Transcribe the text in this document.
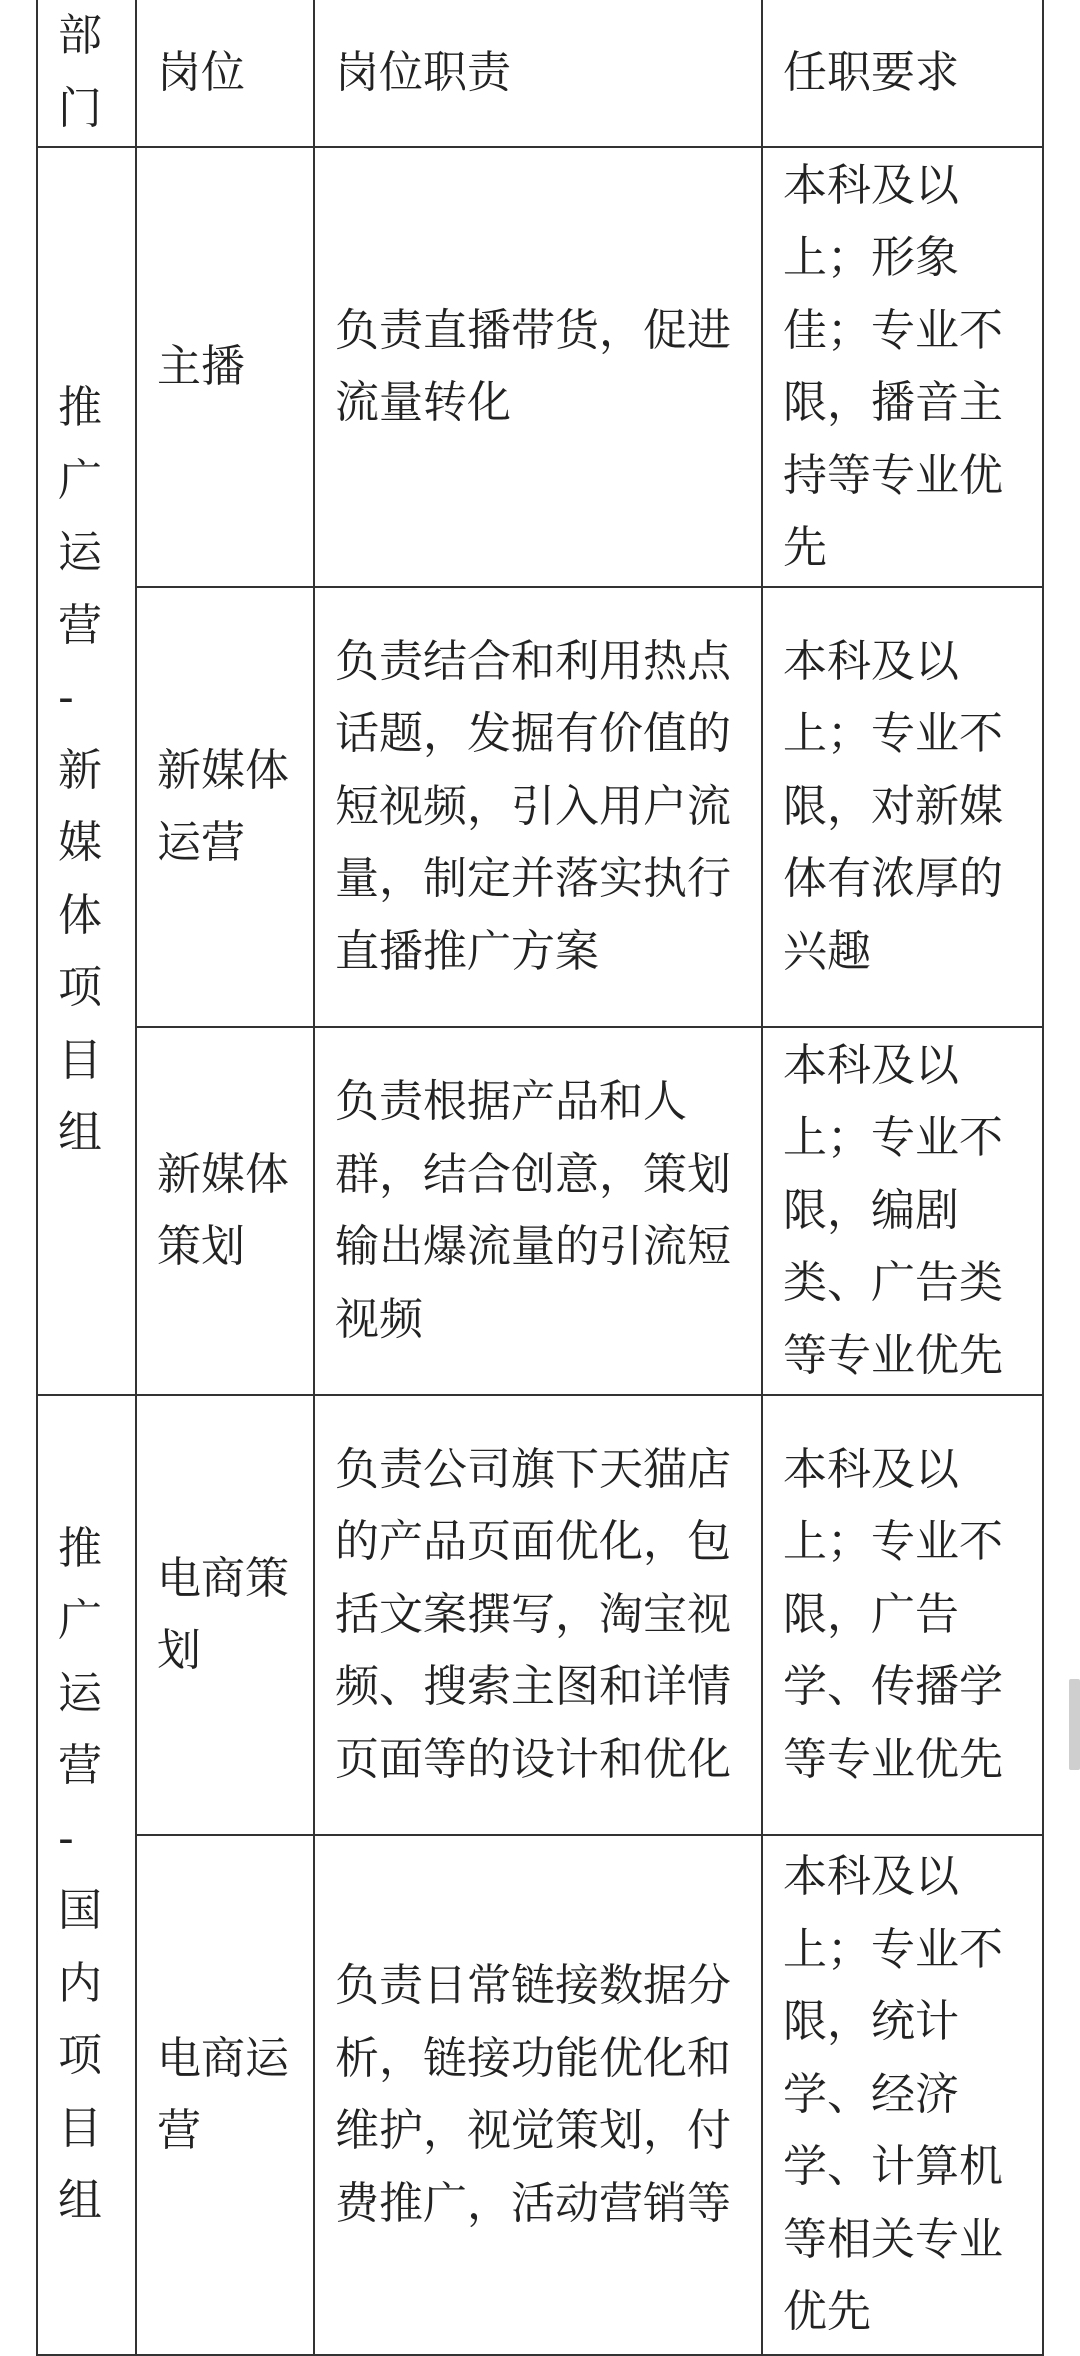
部门	岗位	岗位职责	任职要求

推广运营-新媒体项目组	主播	负责直播带货，促进流量转化	本科及以上；形象佳；专业不限，播音主持等专业优先
	新媒体运营	负责结合和利用热点话题，发掘有价值的短视频，引入用户流量，制定并落实执行直播推广方案	本科及以上；专业不限，对新媒体有浓厚的兴趣
	新媒体策划	负责根据产品和人群，结合创意，策划输出爆流量的引流短视频	本科及以上；专业不限，编剧类、广告类等专业优先

推广运营-国内项目组	电商策划	负责公司旗下天猫店的产品页面优化，包括文案撰写，淘宝视频、搜索主图和详情页面等的设计和优化	本科及以上；专业不限，广告学、传播学等专业优先
	电商运营	负责日常链接数据分析，链接功能优化和维护，视觉策划，付费推广，活动营销等	本科及以上；专业不限，统计学、经济学、计算机等相关专业优先
